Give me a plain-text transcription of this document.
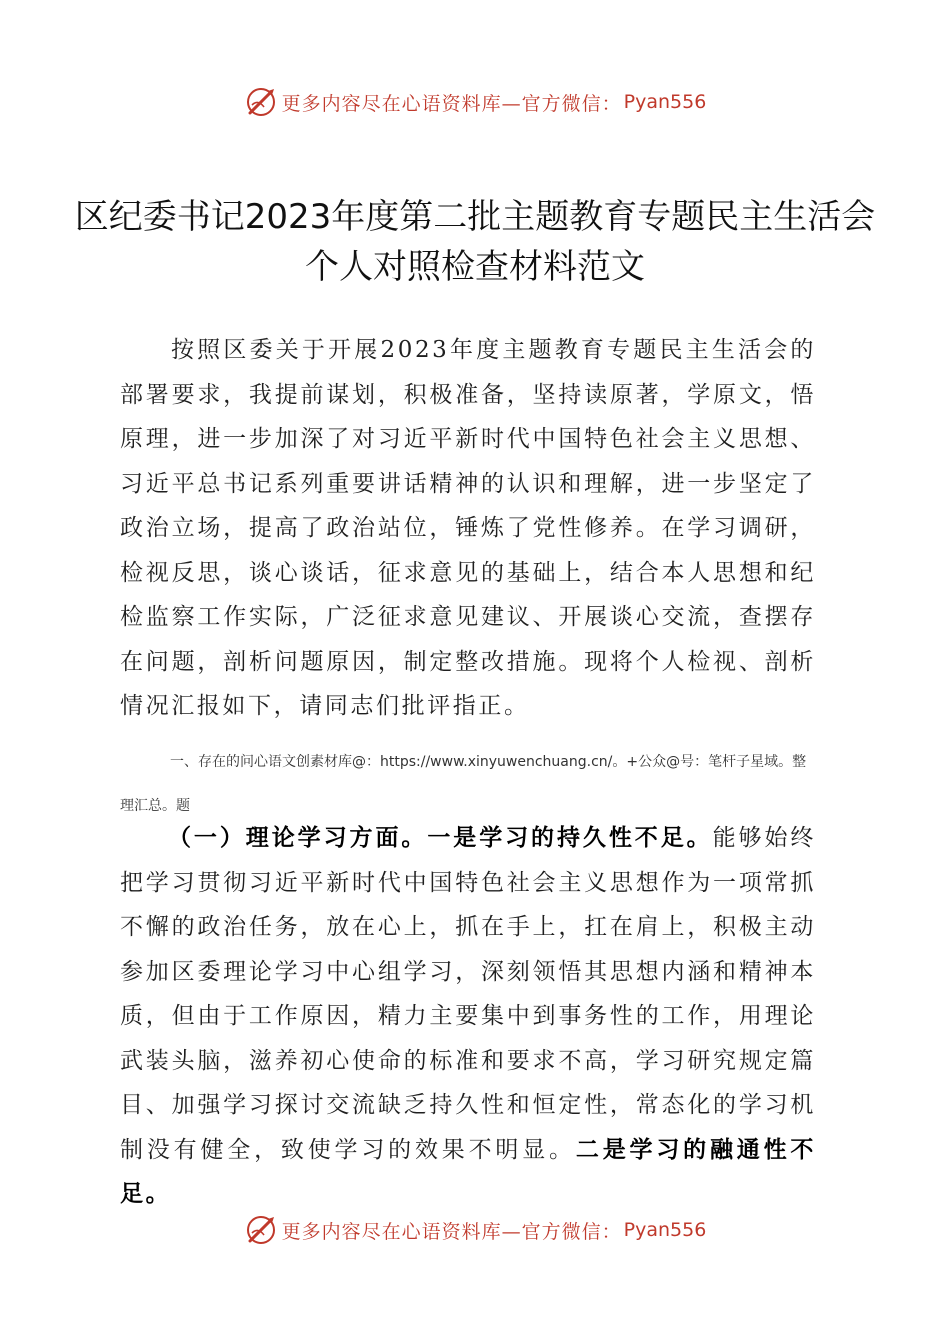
更多内容尽在心语资料库—官方微信： Pyan556
区纪委书记2023年度第二批主题教育专题民主生活会个人对照检查材料范文

按照区委关于开展2023年度主题教育专题民主生活会的部署要求，我提前谋划，积极准备，坚持读原著，学原文，悟原理，进一步加深了对习近平新时代中国特色社会主义思想、习近平总书记系列重要讲话精神的认识和理解，进一步坚定了政治立场，提高了政治站位，锤炼了党性修养。在学习调研，检视反思，谈心谈话，征求意见的基础上，结合本人思想和纪检监察工作实际，广泛征求意见建议、开展谈心交流，查摆存在问题，剖析问题原因，制定整改措施。现将个人检视、剖析情况汇报如下，请同志们批评指正。

一、存在的问心语文创素材库@：https://www.xinyuwenchuang.cn/。+公众@号：笔杆子星域。整理汇总。题

（一）理论学习方面。一是学习的持久性不足。能够始终把学习贯彻习近平新时代中国特色社会主义思想作为一项常抓不懈的政治任务，放在心上，抓在手上，扛在肩上，积极主动参加区委理论学习中心组学习，深刻领悟其思想内涵和精神本质，但由于工作原因，精力主要集中到事务性的工作，用理论武装头脑，滋养初心使命的标准和要求不高，学习研究规定篇目、加强学习探讨交流缺乏持久性和恒定性，常态化的学习机制没有健全，致使学习的效果不明显。二是学习的融通性不足。

更多内容尽在心语资料库—官方微信： Pyan556
